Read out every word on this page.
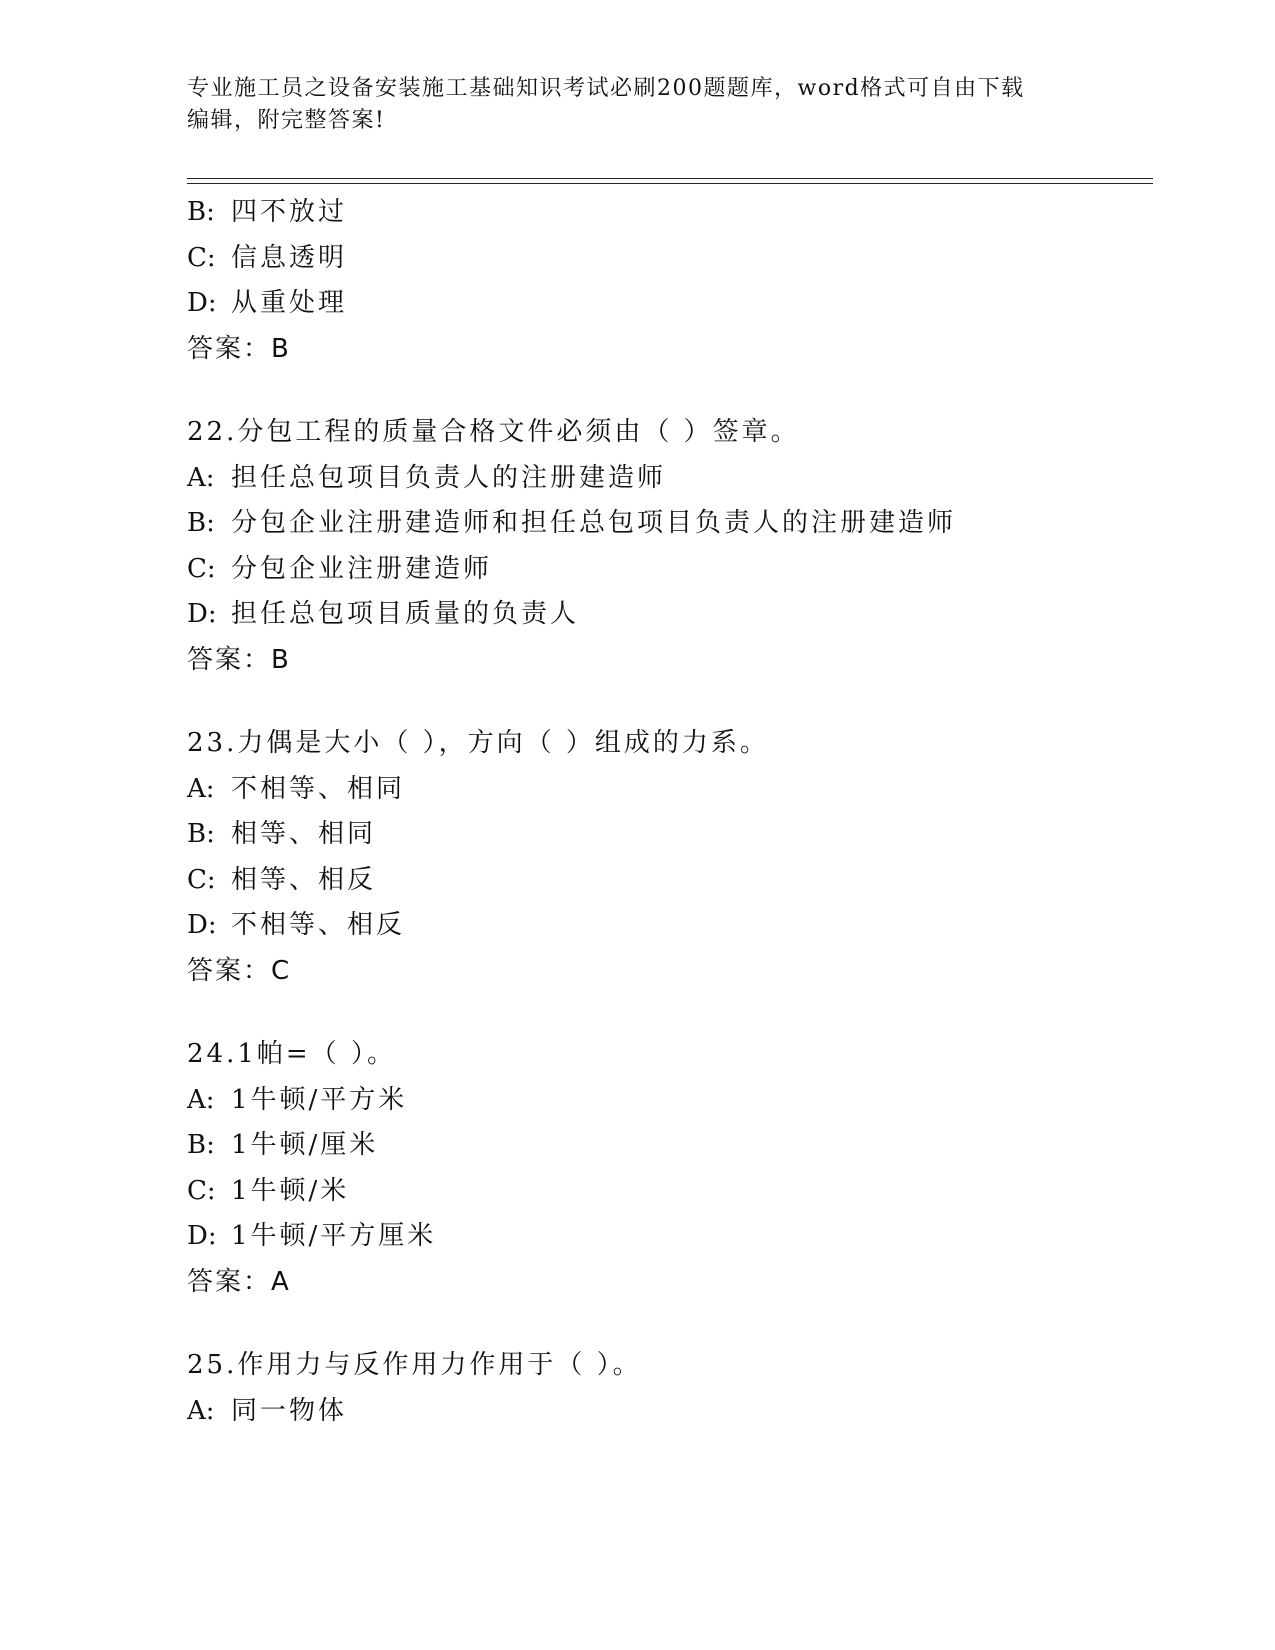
专业施工员之设备安装施工基础知识考试必刷200题题库，word格式可自由下载
编辑，附完整答案!
B: 四不放过
C: 信息透明
D: 从重处理
答案：B
22.分包工程的质量合格文件必须由（ ）签章。
A: 担任总包项目负责人的注册建造师
B: 分包企业注册建造师和担任总包项目负责人的注册建造师
C: 分包企业注册建造师
D: 担任总包项目质量的负责人
答案：B
23.力偶是大小（ ），方向（ ）组成的力系。
A: 不相等、相同
B: 相等、相同
C: 相等、相反
D: 不相等、相反
答案：C
24.1帕=（ ）。
A: 1牛顿/平方米
B: 1牛顿/厘米
C: 1牛顿/米
D: 1牛顿/平方厘米
答案：A
25.作用力与反作用力作用于（ ）。
A: 同一物体
